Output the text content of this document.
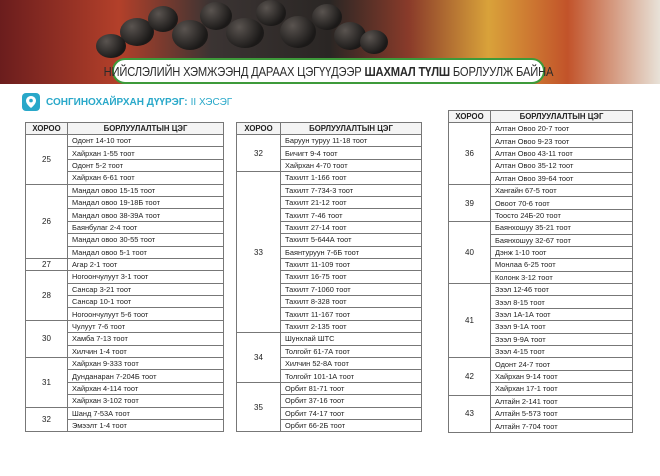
НИЙСЛЭЛИЙН ХЭМЖЭЭНД ДАРААХ ЦЭГҮҮДЭЭР ШАХМАЛ ТҮЛШ БОРЛУУЛЖ БАЙНА
СОНГИНОХАЙРХАН ДҮҮРЭГ: II ХЭСЭГ
ХОРОО	БОРЛУУЛАЛТЫН ЦЭГ
25	Одонт 14-10 тоот
	Хайрхан 1-55 тоот
	Одонт 5-2 тоот
	Хайрхан 6-61 тоот
26	Мандал овоо 15-15 тоот
	Мандал овоо 19-18Б тоот
	Мандал овоо 38-39А тоот
	Баянбулаг 2-4 тоот
	Мандал овоо 30-55 тоот
	Мандал овоо 5-1 тоот
27	Агар 2-1 тоот
28	Ногоончулуут 3-1 тоот
	Сансар 3-21 тоот
	Сансар 10-1 тоот
	Ногоончулуут 5-6 тоот
30	Чулуут 7-6 тоот
	Хамба 7-13 тоот
	Хилчин 1-4 тоот
31	Хайрхан 9-333 тоот
	Дунданаран 7-204Б тоот
	Хайрхан 4-114 тоот
	Хайрхан 3-102 тоот
32	Шанд 7-53А тоот
	Эмээлт 1-4 тоот
ХОРОО	БОРЛУУЛАЛТЫН ЦЭГ
32	Баруун туруу 11-18 тоот
	Бичигт 9-4 тоот
	Хайрхан 4-70 тоот
33	Тахилт 1-166 тоот
	Тахилт 7-734-3 тоот
	Тахилт 21-12 тоот
	Тахилт 7-46 тоот
	Тахилт 27-14 тоот
	Тахилт 5-644А тоот
	Баянтуруун 7-6Б тоот
	Тахилт 11-109 тоот
	Тахилт 16-75 тоот
	Тахилт 7-1060 тоот
	Тахилт 8-328 тоот
	Тахилт 11-167 тоот
	Тахилт 2-135 тоот
34	Шунхлай ШТС
	Толгойт 61-7А тоот
	Хилчин 52-8А тоот
	Толгойт 101-1А тоот
35	Орбит 81-71 тоот
	Орбит 37-16 тоот
	Орбит 74-17 тоот
	Орбит 66-2Б тоот
ХОРОО	БОРЛУУЛАЛТЫН ЦЭГ
36	Алтан Овоо 20-7 тоот
	Алтан Овоо 9-23 тоот
	Алтан Овоо 43-11 тоот
	Алтан Овоо 35-12 тоот
	Алтан Овоо 39-64 тоот
39	Хангайн 67-5 тоот
	Овоот 70-6 тоот
	Тоосто 24Б-20 тоот
40	Баянхошуу 35-21 тоот
	Баянхошуу 32-67 тоот
	Дэнж 1-10 тоот
	Монлаа 6-25 тоот
	Колонк 3-12 тоот
41	Зээл 12-46 тоот
	Зээл 8-15 тоот
	Зээл 1А-1А тоот
	Зээл 9-1А тоот
	Зээл 9-9А тоот
	Зээл 4-15 тоот
42	Одонт 24-7 тоот
	Хайрхан 9-14 тоот
	Хайрхан 17-1 тоот
43	Алтайн 2-141 тоот
	Алтайн 5-573 тоот
	Алтайн 7-704 тоот
